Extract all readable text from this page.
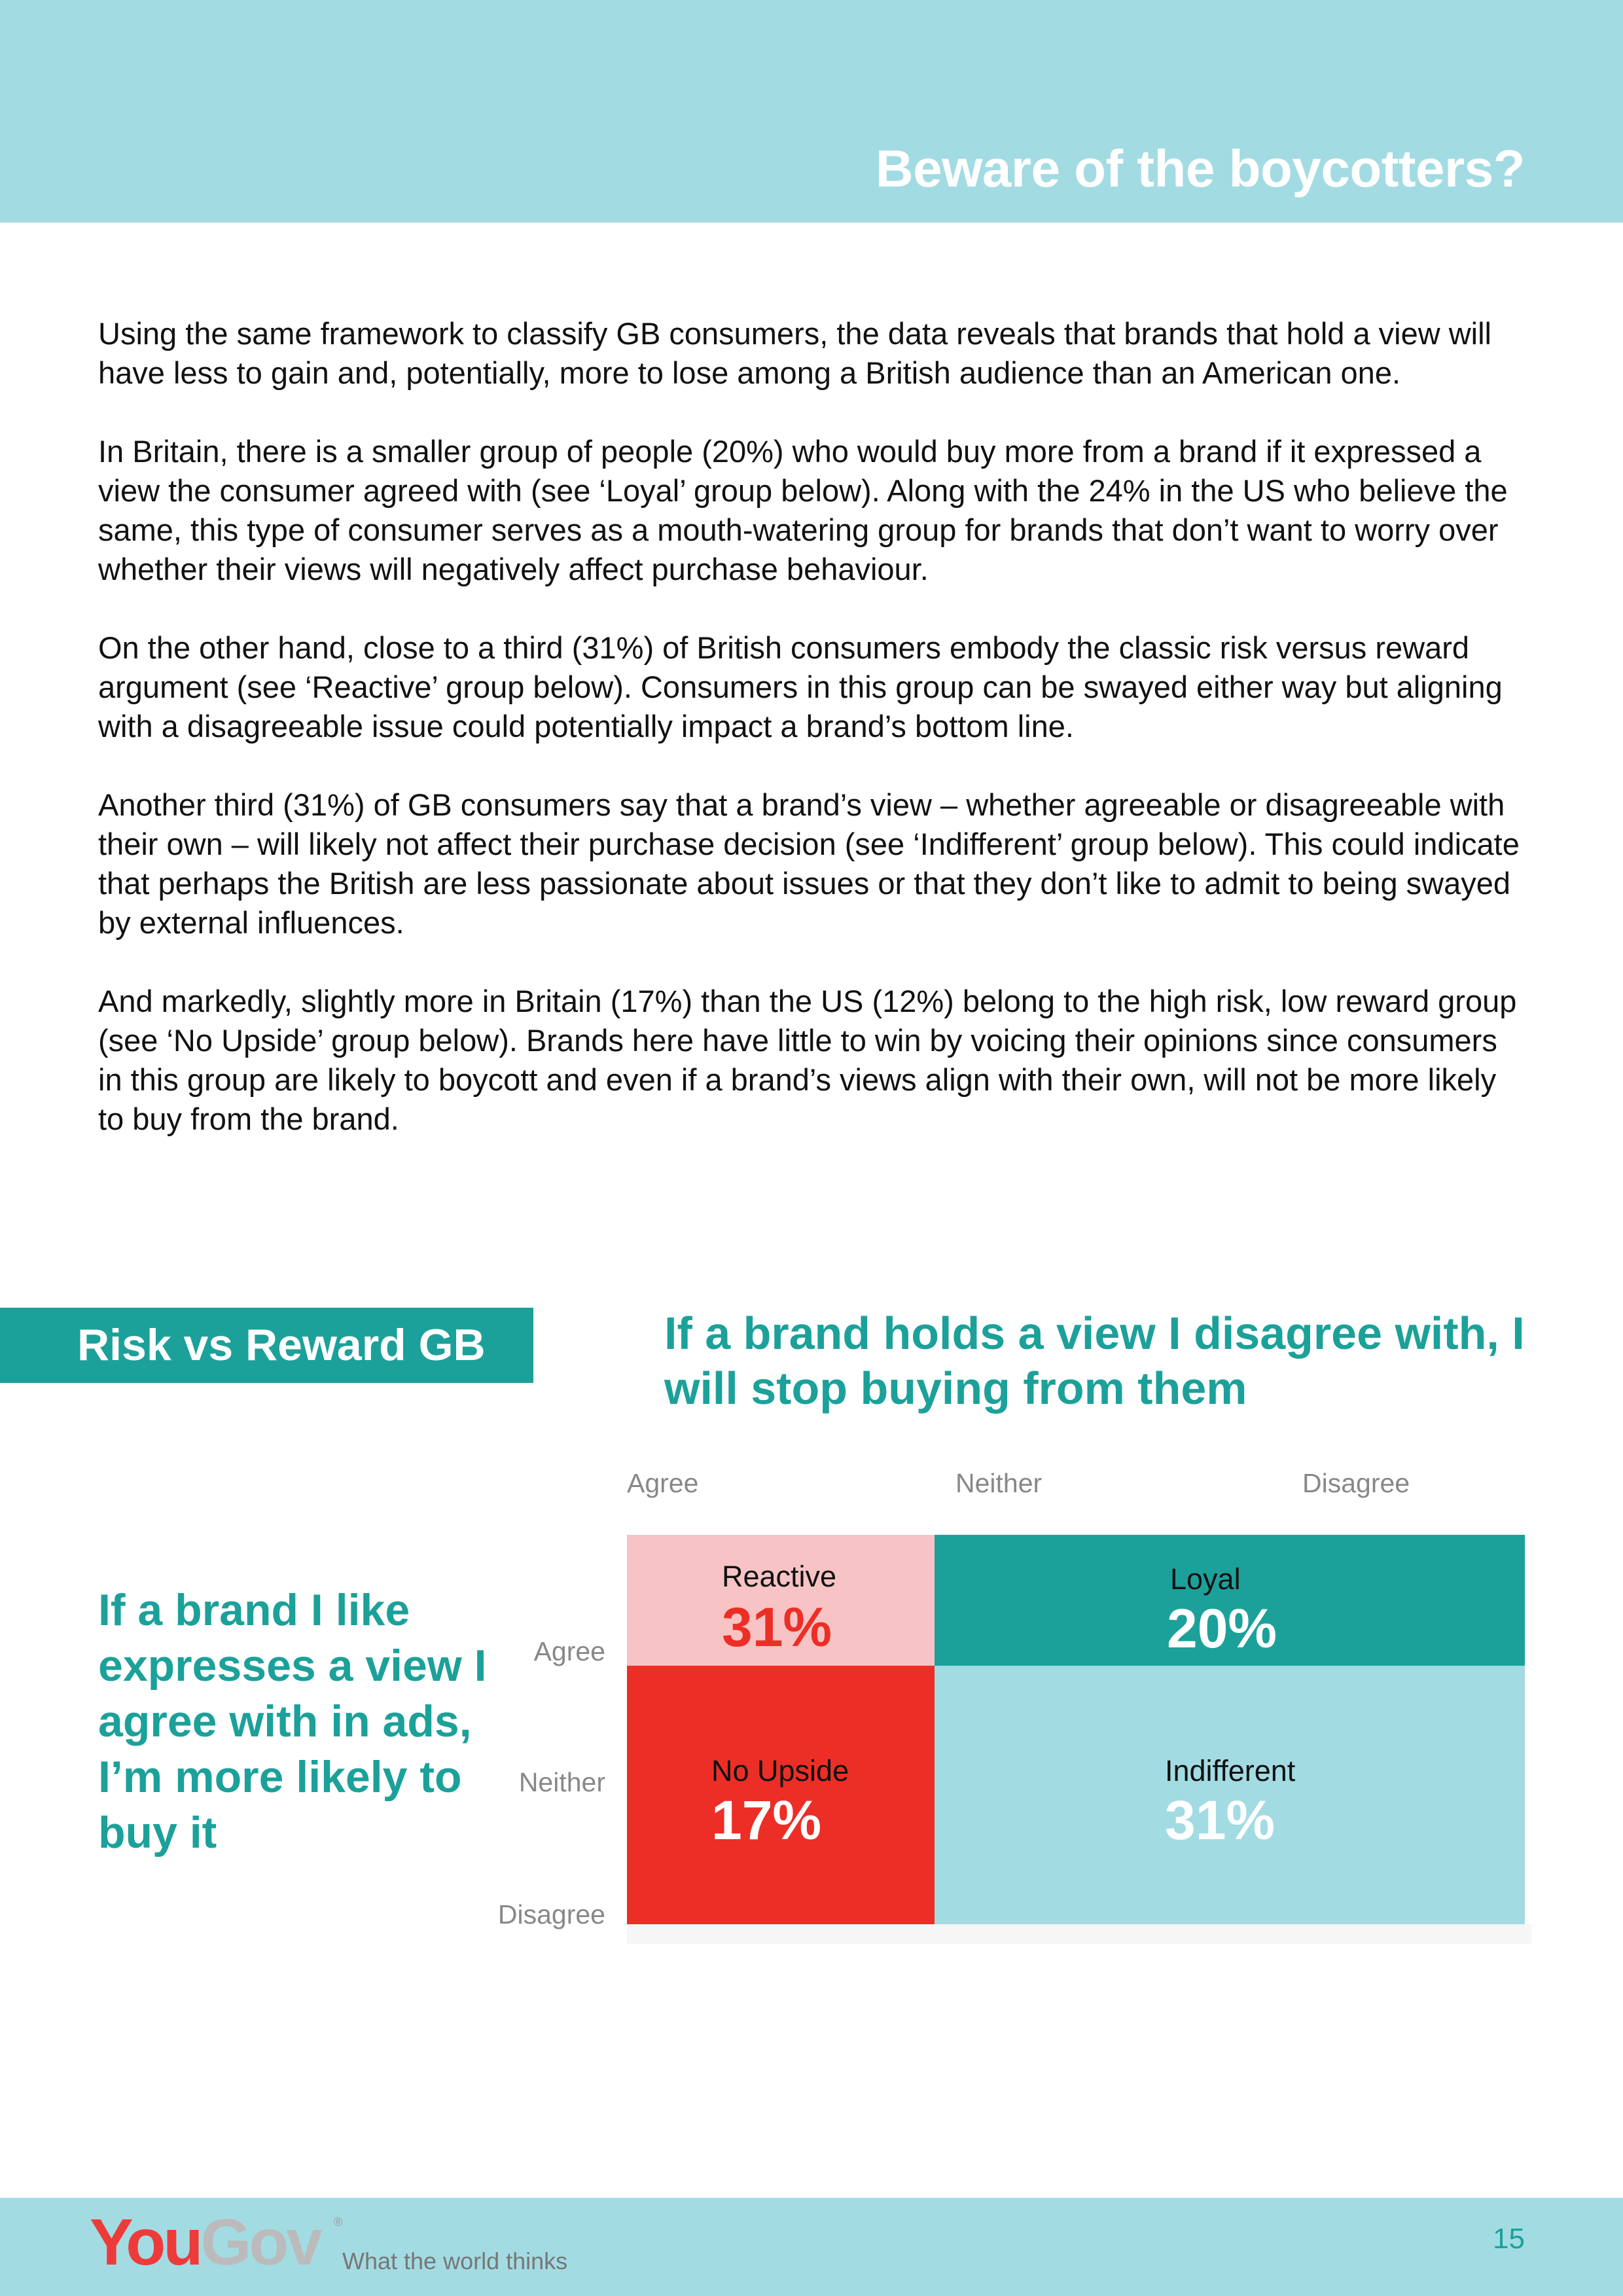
Beware of the boycotters?

Using the same framework to classify GB consumers, the data reveals that brands that hold a view will have less to gain and, potentially, more to lose among a British audience than an American one.

In Britain, there is a smaller group of people (20%) who would buy more from a brand if it expressed a view the consumer agreed with (see ‘Loyal’ group below). Along with the 24% in the US who believe the same, this type of consumer serves as a mouth-watering group for brands that don’t want to worry over whether their views will negatively affect purchase behaviour.

On the other hand, close to a third (31%) of British consumers embody the classic risk versus reward argument (see ‘Reactive’ group below). Consumers in this group can be swayed either way but aligning with a disagreeable issue could potentially impact a brand’s bottom line.

Another third (31%) of GB consumers say that a brand’s view – whether agreeable or disagreeable with their own – will likely not affect their purchase decision (see ‘Indifferent’ group below). This could indicate that perhaps the British are less passionate about issues or that they don’t like to admit to being swayed by external influences.

And markedly, slightly more in Britain (17%) than the US (12%) belong to the high risk, low reward group (see ‘No Upside’ group below). Brands here have little to win by voicing their opinions since consumers in this group are likely to boycott and even if a brand’s views align with their own, will not be more likely to buy from the brand.

Risk vs Reward GB	If a brand holds a view I disagree with, I will stop buying from them
If a brand I like expresses a view I agree with in ads, I’m more likely to buy it
Agree	Neither	Disagree
Agree
Neither
Disagree
Reactive
31%
Loyal
20%
No Upside
17%
Indifferent
31%
YouGov ®
What the world thinks
15
